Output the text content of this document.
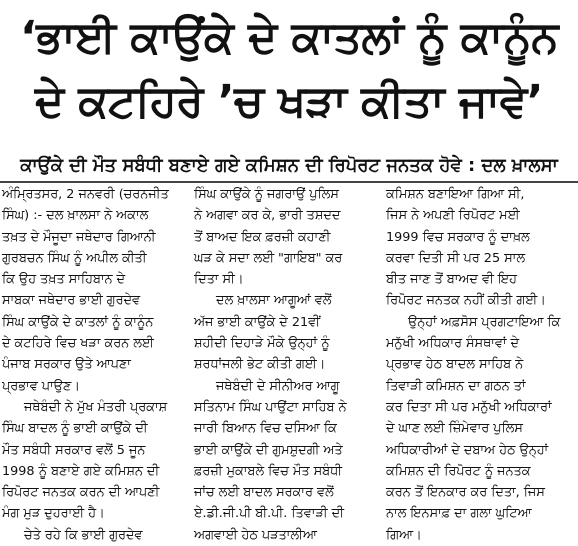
‘ਭਾਈ ਕਾਉਂਕੇ ਦੇ ਕਾਤਲਾਂ ਨੂੰ ਕਾਨੂੰਨ
ਦੇ ਕਟਹਿਰੇ ’ਚ ਖੜਾ ਕੀਤਾ ਜਾਵੇ’
ਕਾਉਂਕੇ ਦੀ ਮੌਤ ਸਬੰਧੀ ਬਣਾਏ ਗਏ ਕਮਿਸ਼ਨ ਦੀ ਰਿਪੋਰਟ ਜਨਤਕ ਹੋਵੇ : ਦਲ ਖ਼ਾਲਸਾ
ਅੰਮ੍ਰਿਤਸਰ, 2 ਜਨਵਰੀ (ਚਰਨਜੀਤ
ਸਿੰਘ) :- ਦਲ ਖ਼ਾਲਸਾ ਨੇ ਅਕਾਲ
ਤਖ਼ਤ ਦੇ ਮੌਜੂਦਾ ਜਥੇਦਾਰ ਗਿਆਨੀ
ਗੁਰਬਚਨ ਸਿੰਘ ਨੂੰ ਅਪੀਲ ਕੀਤੀ
ਕਿ ਉਹ ਤਖ਼ਤ ਸਾਹਿਬਾਨ ਦੇ
ਸਾਬਕਾ ਜਥੇਦਾਰ ਭਾਈ ਗੁਰਦੇਵ
ਸਿੰਘ ਕਾਉਂਕੇ ਦੇ ਕਾਤਲਾਂ ਨੂੰ ਕਾਨੂੰਨ
ਦੇ ਕਟਹਿਰੇ ਵਿਚ ਖੜਾ ਕਰਨ ਲਈ
ਪੰਜਾਬ ਸਰਕਾਰ ਉਤੇ ਆਪਣਾ
ਪ੍ਰਭਾਵ ਪਾਉਣ।
ਜਥੇਬੰਦੀ ਨੇ ਮੁੱਖ ਮੰਤਰੀ ਪ੍ਰਕਾਸ਼
ਸਿੰਘ ਬਾਦਲ ਨੂੰ ਭਾਈ ਕਾਉਂਕੇ ਦੀ
ਮੌਤ ਸਬੰਧੀ ਸਰਕਾਰ ਵਲੋਂ 5 ਜੂਨ
1998 ਨੂੰ ਬਣਾਏ ਗਏ ਕਮਿਸ਼ਨ ਦੀ
ਰਿਪੋਰਟ ਜਨਤਕ ਕਰਨ ਦੀ ਆਪਣੀ
ਮੰਗ ਮੁੜ ਦੁਹਰਾਈ ਹੈ।
ਚੇਤੇ ਰਹੇ ਕਿ ਭਾਈ ਗੁਰਦੇਵ
ਸਿੰਘ ਕਾਉਂਕੇ ਨੂੰ ਜਗਰਾਉਂ ਪੁਲਿਸ
ਨੇ ਅਗਵਾ ਕਰ ਕੇ, ਭਾਰੀ ਤਸ਼ਦਦ
ਤੋਂ ਬਾਅਦ ਇਕ ਫ਼ਰਜ਼ੀ ਕਹਾਣੀ
ਘੜ ਕੇ ਸਦਾ ਲਈ "ਗਾਇਬ" ਕਰ
ਦਿਤਾ ਸੀ।
ਦਲ ਖ਼ਾਲਸਾ ਆਗੂਆਂ ਵਲੋਂ
ਅੱਜ ਭਾਈ ਕਾਉਂਕੇ ਦੇ 21ਵੀਂ
ਸ਼ਹੀਦੀ ਦਿਹਾੜੇ ਮੌਕੇ ਉਨ੍ਹਾਂ ਨੂੰ
ਸ਼ਰਧਾਂਜਲੀ ਭੇਟ ਕੀਤੀ ਗਈ।
ਜਥੇਬੰਦੀ ਦੇ ਸੀਨੀਅਰ ਆਗੂ
ਸਤਿਨਾਮ ਸਿੰਘ ਪਾਉਂਟਾ ਸਾਹਿਬ ਨੇ
ਜਾਰੀ ਬਿਆਨ ਵਿਚ ਦਸਿਆ ਕਿ
ਭਾਈ ਕਾਉਂਕੇ ਦੀ ਗੁਮਸ਼ੁਦਗੀ ਅਤੇ
ਫ਼ਰਜ਼ੀ ਮੁਕਾਬਲੇ ਵਿਚ ਮੌਤ ਸਬੰਧੀ
ਜਾਂਚ ਲਈ ਬਾਦਲ ਸਰਕਾਰ ਵਲੋਂ
ਏ.ਡੀ.ਜੀ.ਪੀ ਬੀ.ਪੀ. ਤਿਵਾੜੀ ਦੀ
ਅਗਵਾਈ ਹੇਠ ਪੜਤਾਲੀਆ
ਕਮਿਸ਼ਨ ਬਣਾਇਆ ਗਿਆ ਸੀ,
ਜਿਸ ਨੇ ਅਪਣੀ ਰਿਪੋਰਟ ਮਈ
1999 ਵਿਚ ਸਰਕਾਰ ਨੂੰ ਦਾਖ਼ਲ
ਕਰਵਾ ਦਿਤੀ ਸੀ ਪਰ 25 ਸਾਲ
ਬੀਤ ਜਾਣ ਤੋਂ ਬਾਅਦ ਵੀ ਇਹ
ਰਿਪੋਰਟ ਜਨਤਕ ਨਹੀਂ ਕੀਤੀ ਗਈ।
ਉਨ੍ਹਾਂ ਅਫ਼ਸੋਸ ਪ੍ਰਗਟਾਇਆ ਕਿ
ਮਨੁੱਖੀ ਅਧਿਕਾਰ ਸੰਸਥਾਵਾਂ ਦੇ
ਪ੍ਰਭਾਵ ਹੇਠ ਬਾਦਲ ਸਾਹਿਬ ਨੇ
ਤਿਵਾੜੀ ਕਮਿਸ਼ਨ ਦਾ ਗਠਨ ਤਾਂ
ਕਰ ਦਿਤਾ ਸੀ ਪਰ ਮਨੁੱਖੀ ਅਧਿਕਾਰਾਂ
ਦੇ ਘਾਣ ਲਈ ਜ਼ਿੰਮੇਵਾਰ ਪੁਲਿਸ
ਅਧਿਕਾਰੀਆਂ ਦੇ ਦਬਾਅ ਹੇਠ ਉਨ੍ਹਾਂ
ਕਮਿਸ਼ਨ ਦੀ ਰਿਪੋਰਟ ਨੂੰ ਜਨਤਕ
ਕਰਨ ਤੋਂ ਇਨਕਾਰ ਕਰ ਦਿਤਾ, ਜਿਸ
ਨਾਲ ਇਨਸਾਫ਼ ਦਾ ਗਲਾ ਘੁਟਿਆ
ਗਿਆ।
